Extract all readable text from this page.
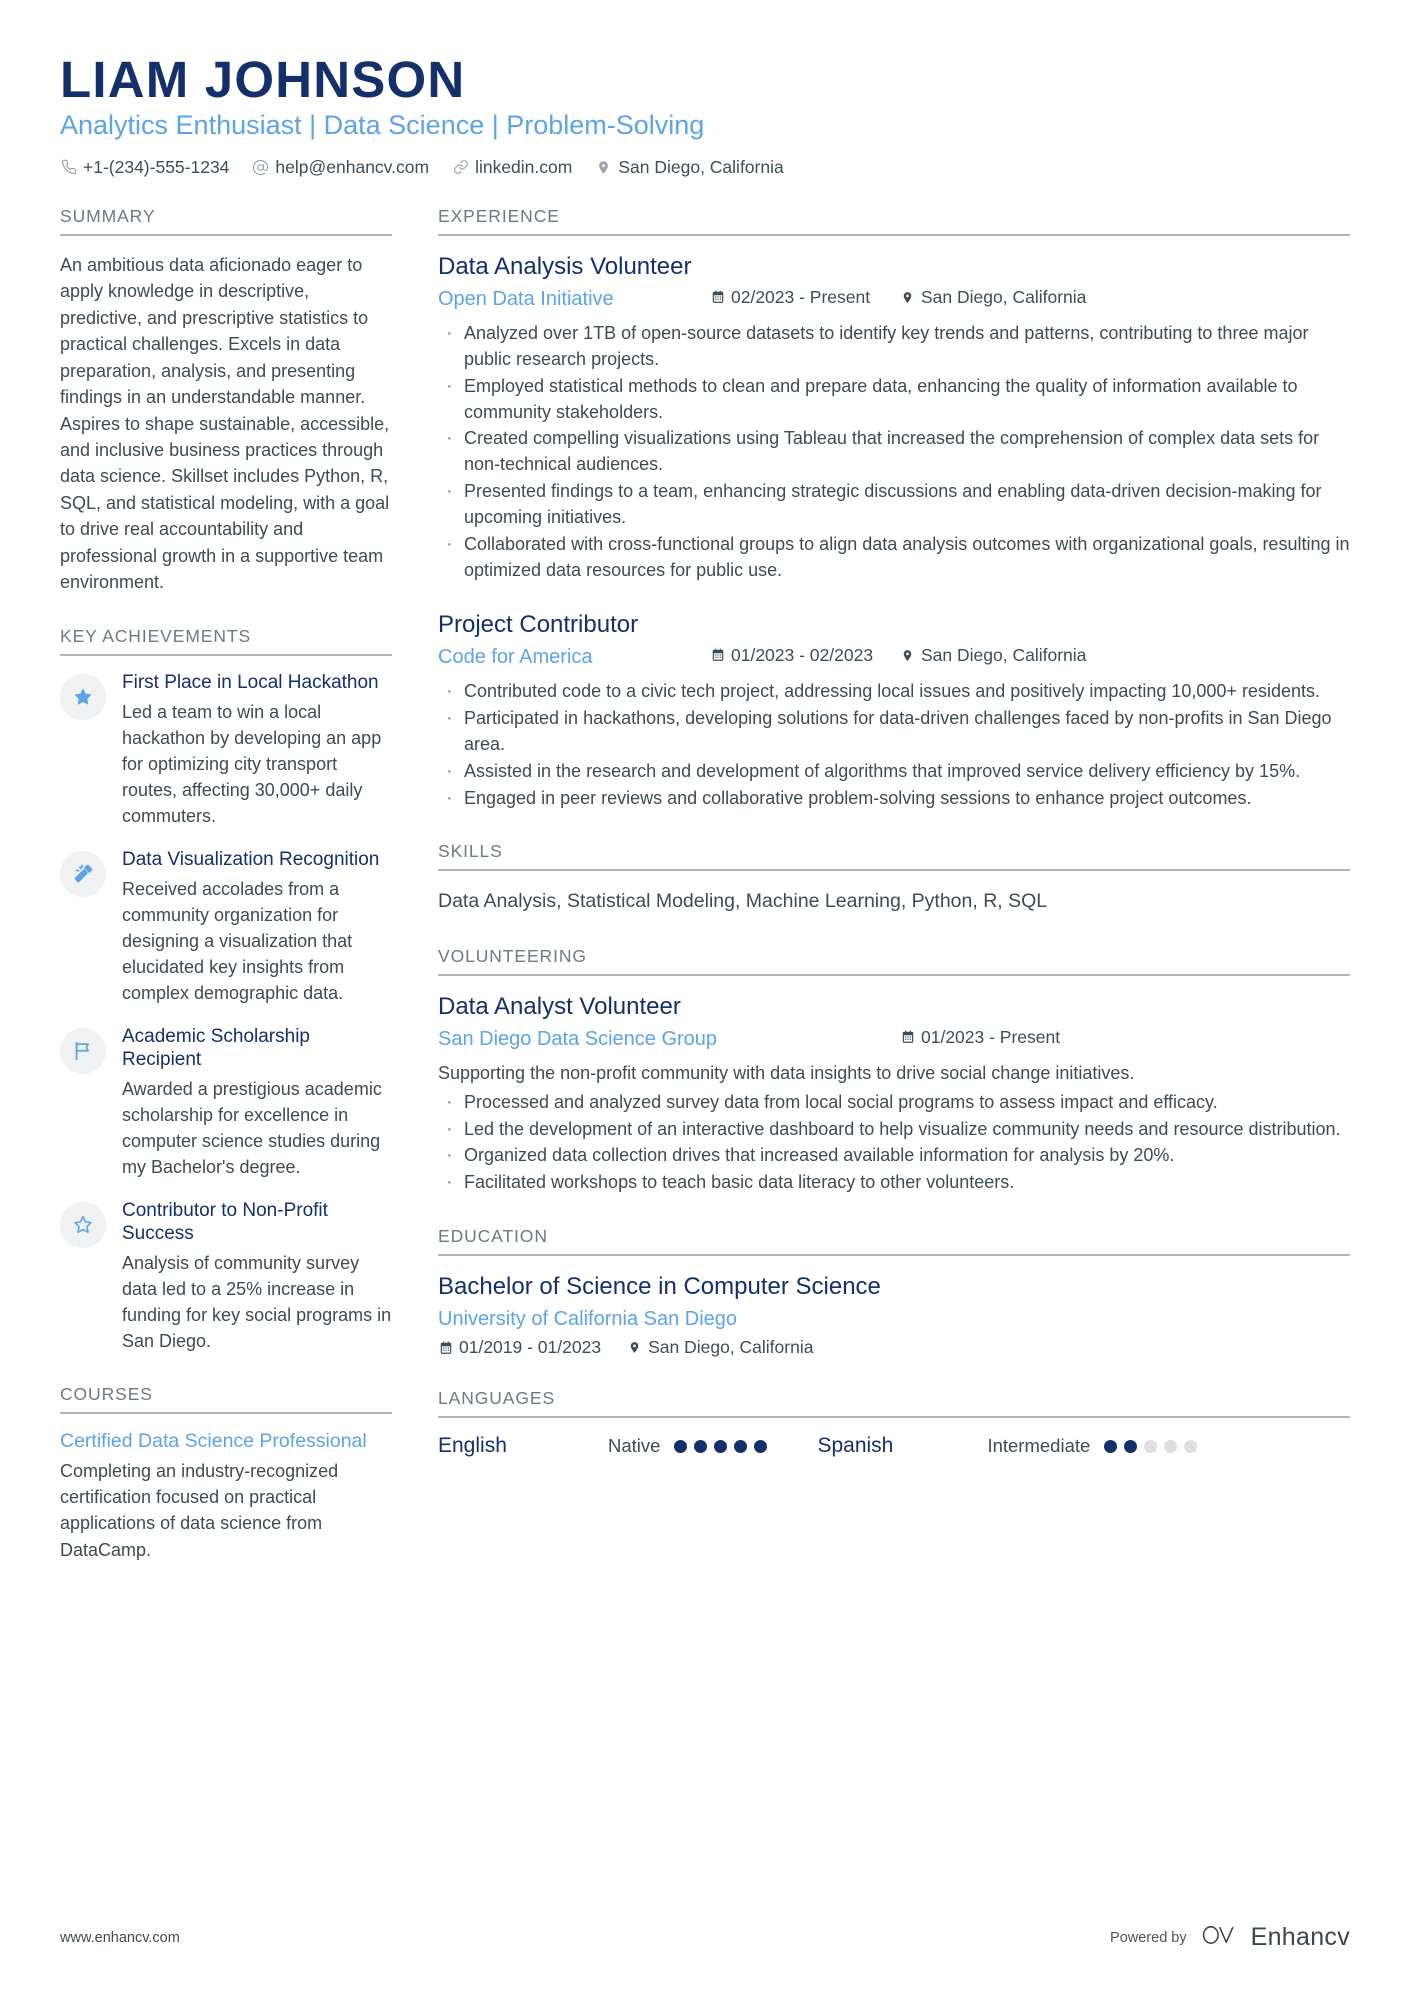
LIAM JOHNSON
Analytics Enthusiast | Data Science | Problem-Solving
+1-(234)-555-1234	help@enhancv.com	linkedin.com	San Diego, California
SUMMARY

An ambitious data aficionado eager to apply knowledge in descriptive, predictive, and prescriptive statistics to practical challenges. Excels in data preparation, analysis, and presenting findings in an understandable manner. Aspires to shape sustainable, accessible, and inclusive business practices through data science. Skillset includes Python, R, SQL, and statistical modeling, with a goal to drive real accountability and professional growth in a supportive team environment.

KEY ACHIEVEMENTS
First Place in Local Hackathon

Led a team to win a local hackathon by developing an app for optimizing city transport routes, affecting 30,000+ daily commuters.

Data Visualization Recognition

Received accolades from a community organization for designing a visualization that elucidated key insights from complex demographic data.

Academic Scholarship Recipient

Awarded a prestigious academic scholarship for excellence in computer science studies during my Bachelor's degree.

Contributor to Non-Profit Success

Analysis of community survey data led to a 25% increase in funding for key social programs in San Diego.

COURSES
Certified Data Science Professional

Completing an industry-recognized certification focused on practical applications of data science from DataCamp.

EXPERIENCE
Data Analysis Volunteer
Open Data Initiative	02/2023 - Present	San Diego, California
· Analyzed over 1TB of open-source datasets to identify key trends and patterns, contributing to three major public research projects.
· Employed statistical methods to clean and prepare data, enhancing the quality of information available to community stakeholders.
· Created compelling visualizations using Tableau that increased the comprehension of complex data sets for non-technical audiences.
· Presented findings to a team, enhancing strategic discussions and enabling data-driven decision-making for upcoming initiatives.
· Collaborated with cross-functional groups to align data analysis outcomes with organizational goals, resulting in optimized data resources for public use.
Project Contributor
Code for America	01/2023 - 02/2023	San Diego, California
· Contributed code to a civic tech project, addressing local issues and positively impacting 10,000+ residents.
· Participated in hackathons, developing solutions for data-driven challenges faced by non-profits in San Diego area.
· Assisted in the research and development of algorithms that improved service delivery efficiency by 15%.
· Engaged in peer reviews and collaborative problem-solving sessions to enhance project outcomes.
SKILLS

Data Analysis, Statistical Modeling, Machine Learning, Python, R, SQL

VOLUNTEERING
Data Analyst Volunteer
San Diego Data Science Group	01/2023 - Present

Supporting the non-profit community with data insights to drive social change initiatives.

· Processed and analyzed survey data from local social programs to assess impact and efficacy.
· Led the development of an interactive dashboard to help visualize community needs and resource distribution.
· Organized data collection drives that increased available information for analysis by 20%.
· Facilitated workshops to teach basic data literacy to other volunteers.
EDUCATION
Bachelor of Science in Computer Science
University of California San Diego
01/2019 - 01/2023	San Diego, California
LANGUAGES
English	Native	Spanish	Intermediate
www.enhancv.com	Powered by	Enhancv
